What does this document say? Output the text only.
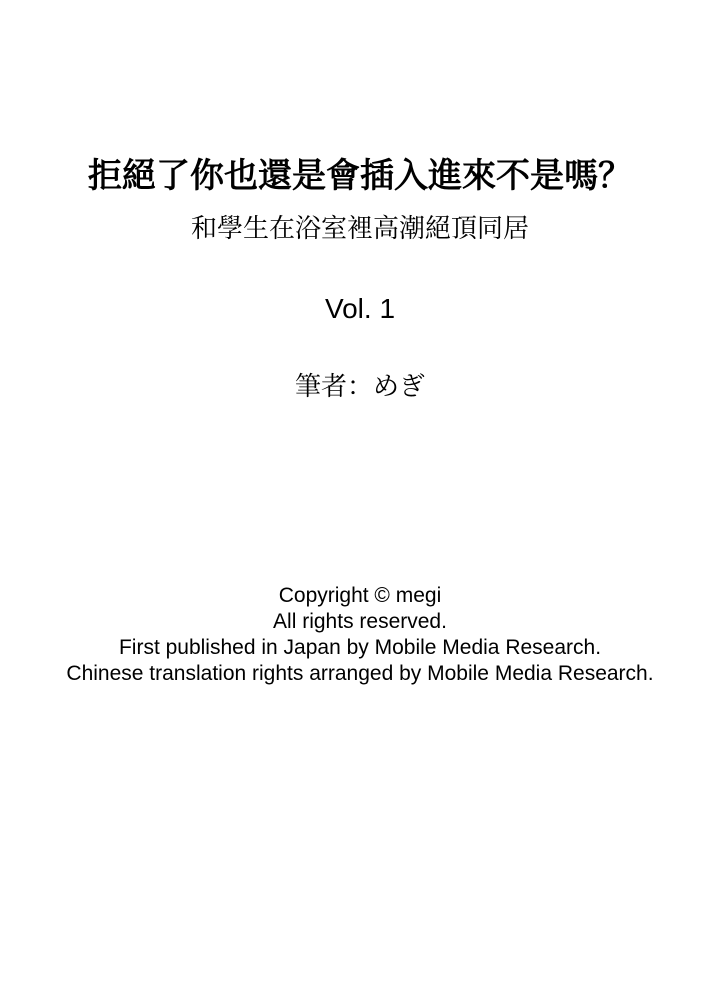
拒絕了你也還是會插入進來不是嗎？
和學生在浴室裡高潮絕頂同居
Vol. 1
筆者：めぎ
Copyright © megi
All rights reserved.
First published in Japan by Mobile Media Research.
Chinese translation rights arranged by Mobile Media Research.
